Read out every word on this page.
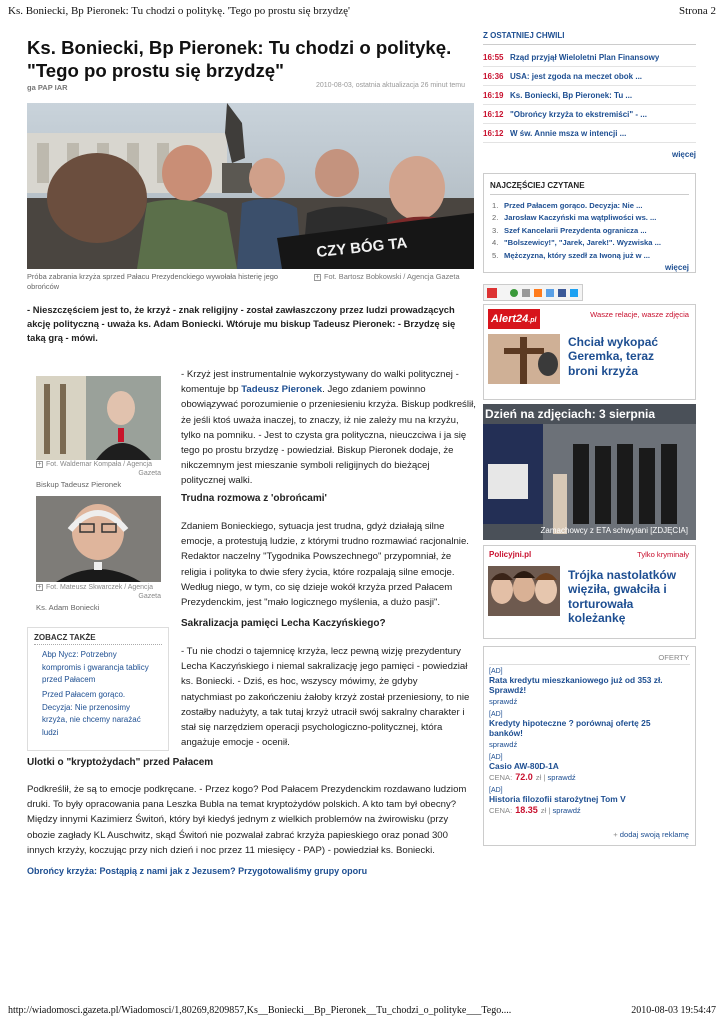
Ks. Boniecki, Bp Pieronek: Tu chodzi o politykę. 'Tego po prostu się brzydzę'	Strona 2
Ks. Boniecki, Bp Pieronek: Tu chodzi o politykę.
"Tego po prostu się brzydzę"
ga PAP IAR	2010-08-03, ostatnia aktualizacja 26 minut temu
CZY BÓG TA
Próba zabrania krzyża sprzed Pałacu Prezydenckiego wywołała histerię jego
obrońców
+ Fot. Bartosz Bobkowski / Agencja Gazeta
- Nieszczęściem jest to, że krzyż - znak religijny - został zawłaszczony przez ludzi prowadzących
akcję polityczną - uważa ks. Adam Boniecki. Wtóruje mu biskup Tadeusz Pieronek: - Brzydzę się
taką grą - mówi.
+ Fot. Waldemar Kompała / Agencja
Gazeta
Biskup Tadeusz Pieronek
+ Fot. Mateusz Skwarczek / Agencja
Gazeta
Ks. Adam Boniecki
ZOBACZ TAKŻE
Abp Nycz: Potrzebny
kompromis i gwarancja tablicy
przed Pałacem
Przed Pałacem gorąco.
Decyzja: Nie przenosimy
krzyża, nie chcemy narażać
ludzi
- Krzyż jest instrumentalnie wykorzystywany do walki politycznej -
komentuje bp Tadeusz Pieronek. Jego zdaniem powinno
obowiązywać porozumienie o przeniesieniu krzyża. Biskup podkreślił,
że jeśli ktoś uważa inaczej, to znaczy, iż nie zależy mu na krzyżu,
tylko na pomniku. - Jest to czysta gra polityczna, nieuczciwa i ja się
tego po prostu brzydzę - powiedział. Biskup Pieronek dodaje, że
nikczemnym jest mieszanie symboli religijnych do bieżącej
politycznej walki.
Trudna rozmowa z 'obrońcami'
Zdaniem Bonieckiego, sytuacja jest trudna, gdyż działają silne
emocje, a protestują ludzie, z którymi trudno rozmawiać racjonalnie.
Redaktor naczelny "Tygodnika Powszechnego" przypomniał, że
religia i polityka to dwie sfery życia, które rozpalają silne emocje.
Według niego, w tym, co się dzieje wokół krzyża przed Pałacem
Prezydenckim, jest "mało logicznego myślenia, a dużo pasji".
Sakralizacja pamięci Lecha Kaczyńskiego?
- Tu nie chodzi o tajemnicę krzyża, lecz pewną wizję prezydentury
Lecha Kaczyńskiego i niemal sakralizację jego pamięci - powiedział
ks. Boniecki. - Dziś, es hoc, wszyscy mówimy, że gdyby
natychmiast po zakończeniu żałoby krzyż został przeniesiony, to nie
zostałby nadużyty, a tak tutaj krzyż utracił swój sakralny charakter i
stał się narzędziem operacji psychologiczno-politycznej, która
angażuje emocje - ocenił.
Ulotki o "kryptożydach" przed Pałacem
Podkreślił, że są to emocje podkręcane. - Przez kogo? Pod Pałacem Prezydenckim rozdawano ludziom
druki. To były opracowania pana Leszka Bubla na temat kryptożydów polskich. A kto tam był obecny?
Między innymi Kazimierz Świtoń, który był kiedyś jednym z wielkich problemów na żwirowisku (przy
obozie zagłady KL Auschwitz, skąd Świtoń nie pozwalał zabrać krzyża papieskiego oraz ponad 300
innych krzyży, koczując przy nich dzień i noc przez 11 miesięcy - PAP) - powiedział ks. Boniecki.
Obrońcy krzyża: Postąpią z nami jak z Jezusem? Przygotowaliśmy grupy oporu
Z OSTATNIEJ CHWILI
16:55 Rząd przyjął Wieloletni Plan Finansowy
16:36 USA: jest zgoda na meczet obok ...
16:19 Ks. Boniecki, Bp Pieronek: Tu ...
16:12 "Obrońcy krzyża to ekstremiści" - ...
16:12 W św. Annie msza w intencji ...
więcej
NAJCZĘŚCIEJ CZYTANE
1. Przed Pałacem gorąco. Decyzja: Nie ...
2. Jarosław Kaczyński ma wątpliwości ws. ...
3. Szef Kancelarii Prezydenta ogranicza ...
4. "Bolszewicy!", "Jarek, Jarek!". Wyzwiska ...
5. Mężczyzna, który szedł za Iwoną już w ...
więcej
Alert24.pl
Wasze relacje, wasze zdjęcia
Chciał wykopać
Geremka, teraz
broni krzyża
Dzień na zdjęciach: 3 sierpnia
Zamachowcy z ETA schwytani [ZDJĘCIA]
Policyjni.pl	Tylko kryminały
Trójka nastolatków
więziła, gwałciła i
torturowała
koleżankę
OFERTY
[AD]
Rata kredytu mieszkaniowego już od 353 zł.
Sprawdź!
sprawdź
[AD]
Kredyty hipoteczne ? porównaj ofertę 25
banków!
sprawdź
[AD]
Casio AW-80D-1A
CENA: 72.0 zł | sprawdź
[AD]
Historia filozofii starożytnej Tom V
CENA: 18.35 zł | sprawdź
+ dodaj swoją reklamę
http://wiadomosci.gazeta.pl/Wiadomosci/1,80269,8209857,Ks__Boniecki__Bp_Pieronek__Tu_chodzi_o_polityke___Tego....	2010-08-03 19:54:47
